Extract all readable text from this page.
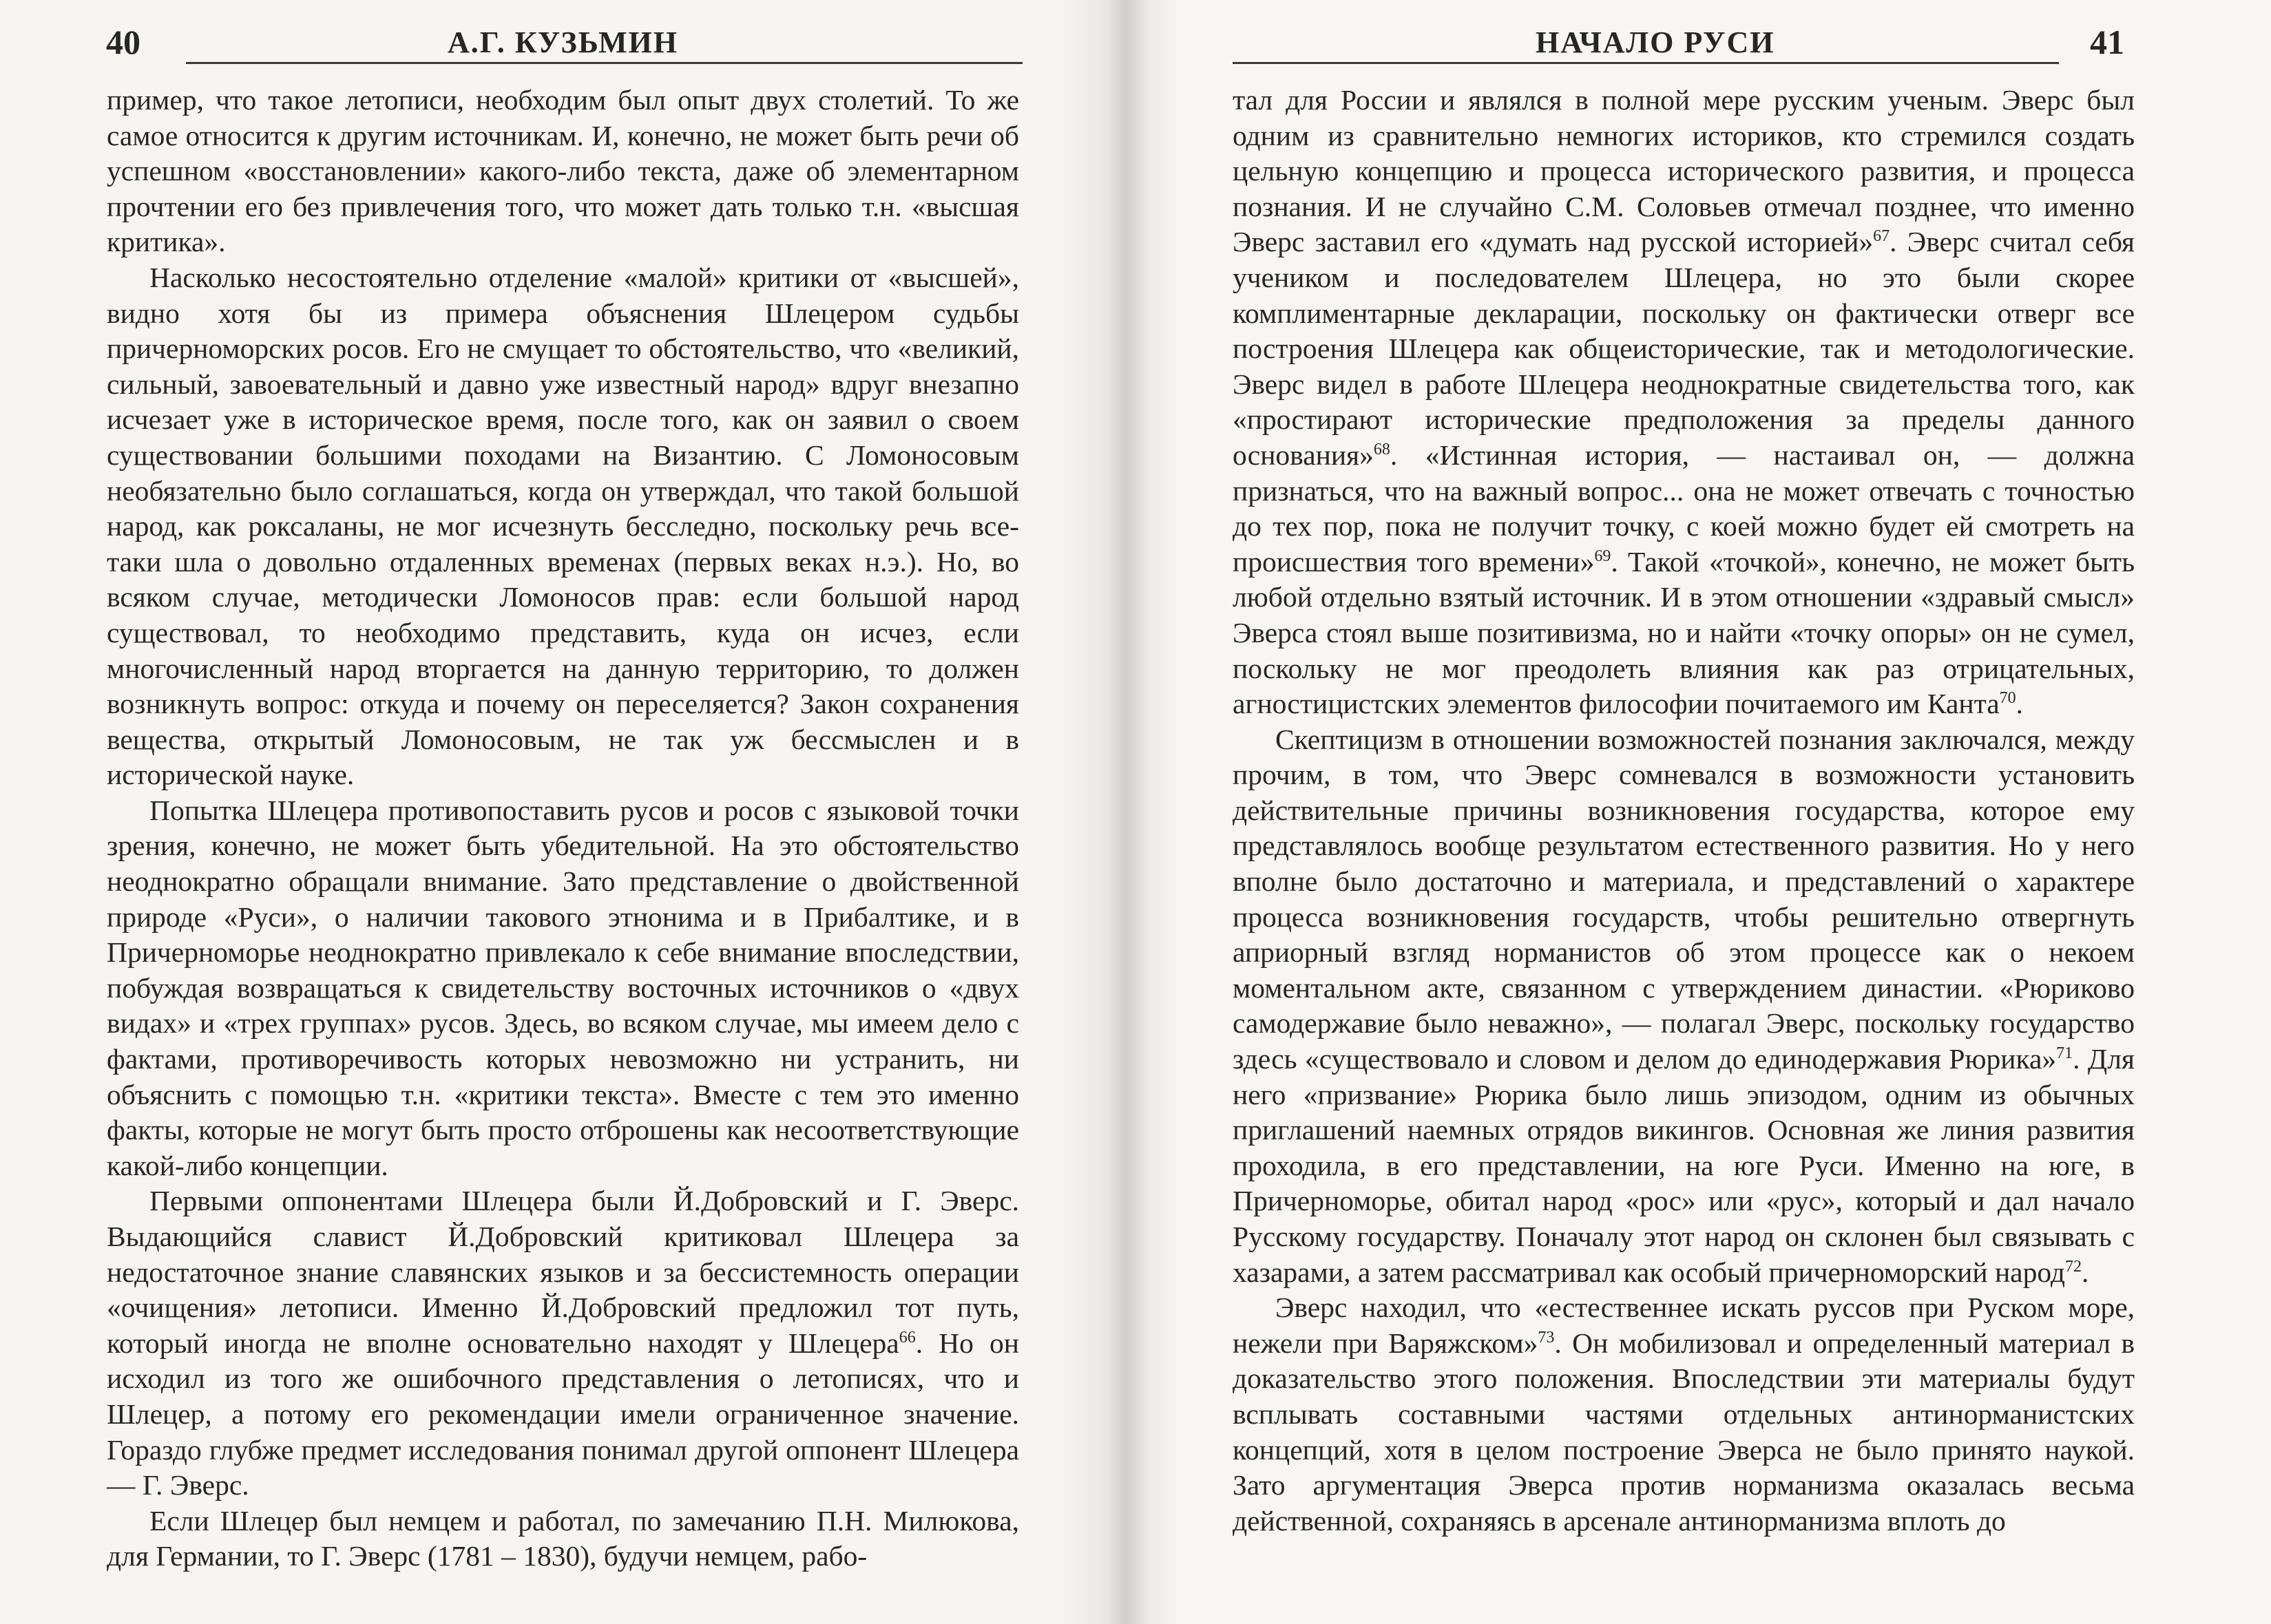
40	А.Г. КУЗЬМИН

пример, что такое летописи, необходим был опыт двух столетий. То же самое относится к другим источникам. И, конечно, не может быть речи об успешном «восстановлении» какого-либо текста, даже об элементарном прочтении его без привлечения того, что может дать только т.н. «высшая критика».

Насколько несостоятельно отделение «малой» критики от «высшей», видно хотя бы из примера объяснения Шлецером судьбы причерноморских росов. Его не смущает то обстоятельство, что «великий, сильный, завоевательный и давно уже известный народ» вдруг внезапно исчезает уже в историческое время, после того, как он заявил о своем существовании большими походами на Византию. С Ломоносовым необязательно было соглашаться, когда он утверждал, что такой большой народ, как роксаланы, не мог исчезнуть бесследно, поскольку речь все-таки шла о довольно отдаленных временах (первых веках н.э.). Но, во всяком случае, методически Ломоносов прав: если большой народ существовал, то необходимо представить, куда он исчез, если многочисленный народ вторгается на данную территорию, то должен возникнуть вопрос: откуда и почему он переселяется? Закон сохранения вещества, открытый Ломоносовым, не так уж бессмыслен и в исторической науке.

Попытка Шлецера противопоставить русов и росов с языковой точки зрения, конечно, не может быть убедительной. На это обстоятельство неоднократно обращали внимание. Зато представление о двойственной природе «Руси», о наличии такового этнонима и в Прибалтике, и в Причерноморье неоднократно привлекало к себе внимание впоследствии, побуждая возвращаться к свидетельству восточных источников о «двух видах» и «трех группах» русов. Здесь, во всяком случае, мы имеем дело с фактами, противоречивость которых невозможно ни устранить, ни объяснить с помощью т.н. «критики текста». Вместе с тем это именно факты, которые не могут быть просто отброшены как несоответствующие какой-либо концепции.

Первыми оппонентами Шлецера были Й.Добровский и Г. Эверс. Выдающийся славист Й.Добровский критиковал Шлецера за недостаточное знание славянских языков и за бессистемность операции «очищения» летописи. Именно Й.Добровский предложил тот путь, который иногда не вполне основательно находят у Шлецера$^{66}$. Но он исходил из того же ошибочного представления о летописях, что и Шлецер, а потому его рекомендации имели ограниченное значение. Гораздо глубже предмет исследования понимал другой оппонент Шлецера — Г. Эверс.

Если Шлецер был немцем и работал, по замечанию П.Н. Милюкова, для Германии, то Г. Эверс (1781 – 1830), будучи немцем, рабо-

НАЧАЛО РУСИ	41

тал для России и являлся в полной мере русским ученым. Эверс был одним из сравнительно немногих историков, кто стремился создать цельную концепцию и процесса исторического развития, и процесса познания. И не случайно С.М. Соловьев отмечал позднее, что именно Эверс заставил его «думать над русской историей»$^{67}$. Эверс считал себя учеником и последователем Шлецера, но это были скорее комплиментарные декларации, поскольку он фактически отверг все построения Шлецера как общеисторические, так и методологические. Эверс видел в работе Шлецера неоднократные свидетельства того, как «простирают исторические предположения за пределы данного основания»$^{68}$. «Истинная история, — настаивал он, — должна признаться, что на важный вопрос... она не может отвечать с точностью до тех пор, пока не получит точку, с коей можно будет ей смотреть на происшествия того времени»$^{69}$. Такой «точкой», конечно, не может быть любой отдельно взятый источник. И в этом отношении «здравый смысл» Эверса стоял выше позитивизма, но и найти «точку опоры» он не сумел, поскольку не мог преодолеть влияния как раз отрицательных, агностицистских элементов философии почитаемого им Канта$^{70}$.

Скептицизм в отношении возможностей познания заключался, между прочим, в том, что Эверс сомневался в возможности установить действительные причины возникновения государства, которое ему представлялось вообще результатом естественного развития. Но у него вполне было достаточно и материала, и представлений о характере процесса возникновения государств, чтобы решительно отвергнуть априорный взгляд норманистов об этом процессе как о некоем моментальном акте, связанном с утверждением династии. «Рюриково самодержавие было неважно», — полагал Эверс, поскольку государство здесь «существовало и словом и делом до единодержавия Рюрика»$^{71}$. Для него «призвание» Рюрика было лишь эпизодом, одним из обычных приглашений наемных отрядов викингов. Основная же линия развития проходила, в его представлении, на юге Руси. Именно на юге, в Причерноморье, обитал народ «рос» или «рус», который и дал начало Русскому государству. Поначалу этот народ он склонен был связывать с хазарами, а затем рассматривал как особый причерноморский народ$^{72}$.

Эверс находил, что «естественнее искать руссов при Руском море, нежели при Варяжском»$^{73}$. Он мобилизовал и определенный материал в доказательство этого положения. Впоследствии эти материалы будут всплывать составными частями отдельных антинорманистских концепций, хотя в целом построение Эверса не было принято наукой. Зато аргументация Эверса против норманизма оказалась весьма действенной, сохраняясь в арсенале антинорманизма вплоть до
